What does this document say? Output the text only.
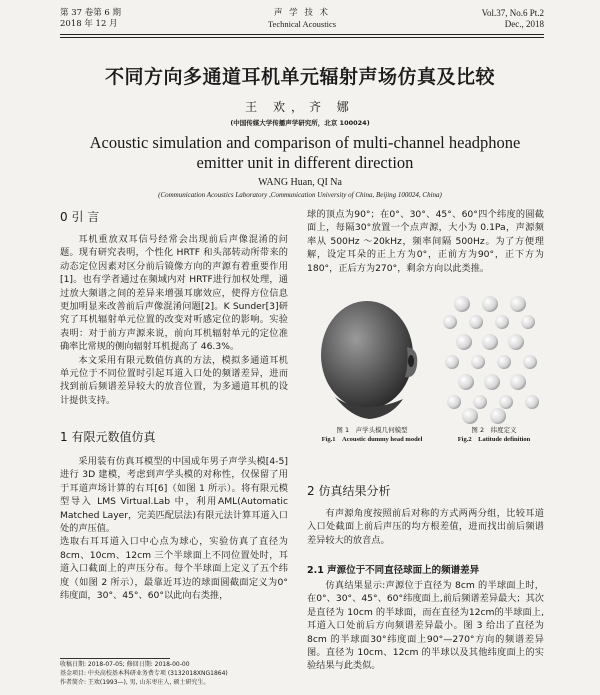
第 37 卷第 6 期
2018 年 12 月
声 学 技 术
Technical Acoustics
Vol.37, No.6 Pt.2
Dec., 2018
不同方向多通道耳机单元辐射声场仿真及比较
王 欢，齐 娜
(中国传媒大学传播声学研究所，北京 100024)
Acoustic simulation and comparison of multi-channel headphone emitter unit in different direction
WANG Huan, QI Na
(Communication Acoustics Laboratory ,Communication University of China, Beijing 100024, China)
0 引 言

耳机重放双耳信号经常会出现前后声像混淆的问题。现有研究表明，个性化 HRTF 和头部转动所带来的动态定位因素对区分前后镜像方向的声源有着重要作用[1]。也有学者通过在频域内对 HRTF进行加权处理，通过放大频谱之间的差异来增强耳廓效应，使得方位信息更加明显来改善前后声像混淆问题[2]。K Sunder[3]研究了耳机辐射单元位置的改变对听感定位的影响。实验表明：对于前方声源来说，前向耳机辐射单元的定位准确率比常规的侧向辐射耳机提高了 46.3%。

本文采用有限元数值仿真的方法，模拟多通道耳机单元位于不同位置时引起耳道入口处的频谱差异，进而找到前后频谱差异较大的放音位置，为多通道耳机的设计提供支持。

1 有限元数值仿真

采用装有仿真耳模型的中国成年男子声学头模[4-5]进行 3D 建模，考虑到声学头模的对称性，仅保留了用于耳道声场计算的右耳[6]（如图 1 所示）。将有限元模型导入 LMS Virtual.Lab 中，利用AML(Automatic Matched Layer，完美匹配层法)有限元法计算耳道入口处的声压值。

选取右耳耳道入口中心点为球心，实验仿真了直径为 8cm、10cm、12cm 三个半球面上不同位置处时，耳道入口截面上的声压分布。每个半球面上定义了五个纬度（如图 2 所示），最靠近耳边的球面圆截面定义为0°纬度面，30°、45°、60°以此向右类推，

收稿日期: 2018-07-05; 修回日期: 2018-00-00
基金项目: 中央高校基本科研业务费专项 (3132018XNG1864)
作者简介: 王欢(1993—), 男, 山东枣庄人, 硕士研究生。

球的顶点为90°；在0°、30°、45°、60°四个纬度的圆截面上，每隔30°放置一个点声源，大小为 0.1Pa，声源频率从 500Hz ～20kHz，频率间隔 500Hz。为了方便理解，设定耳朵的正上方为0°，正前方为90°，正下方为180°，正后方为270°，剩余方向以此类推。

图 1　声学头模几何模型
Fig.1　Acoustic dummy head model
图 2　纬度定义
Fig.2　Latitude definition
2 仿真结果分析

有声源角度按照前后对称的方式两两分组，比较耳道入口处截面上前后声压的均方根差值，进而找出前后频谱差异较大的放音点。

2.1 声源位于不同直径球面上的频谱差异

仿真结果显示:声源位于直径为 8cm 的半球面上时，在0°、30°、45°、60°纬度面上,前后频谱差异最大；其次是直径为 10cm 的半球面，而在直径为12cm的半球面上,耳道入口处前后方向频谱差异最小。图 3 给出了直径为 8cm 的半球面30°纬度面上90°—270°方向的频谱差异图。直径为 10cm、12cm 的半球以及其他纬度面上的实验结果与此类似。
